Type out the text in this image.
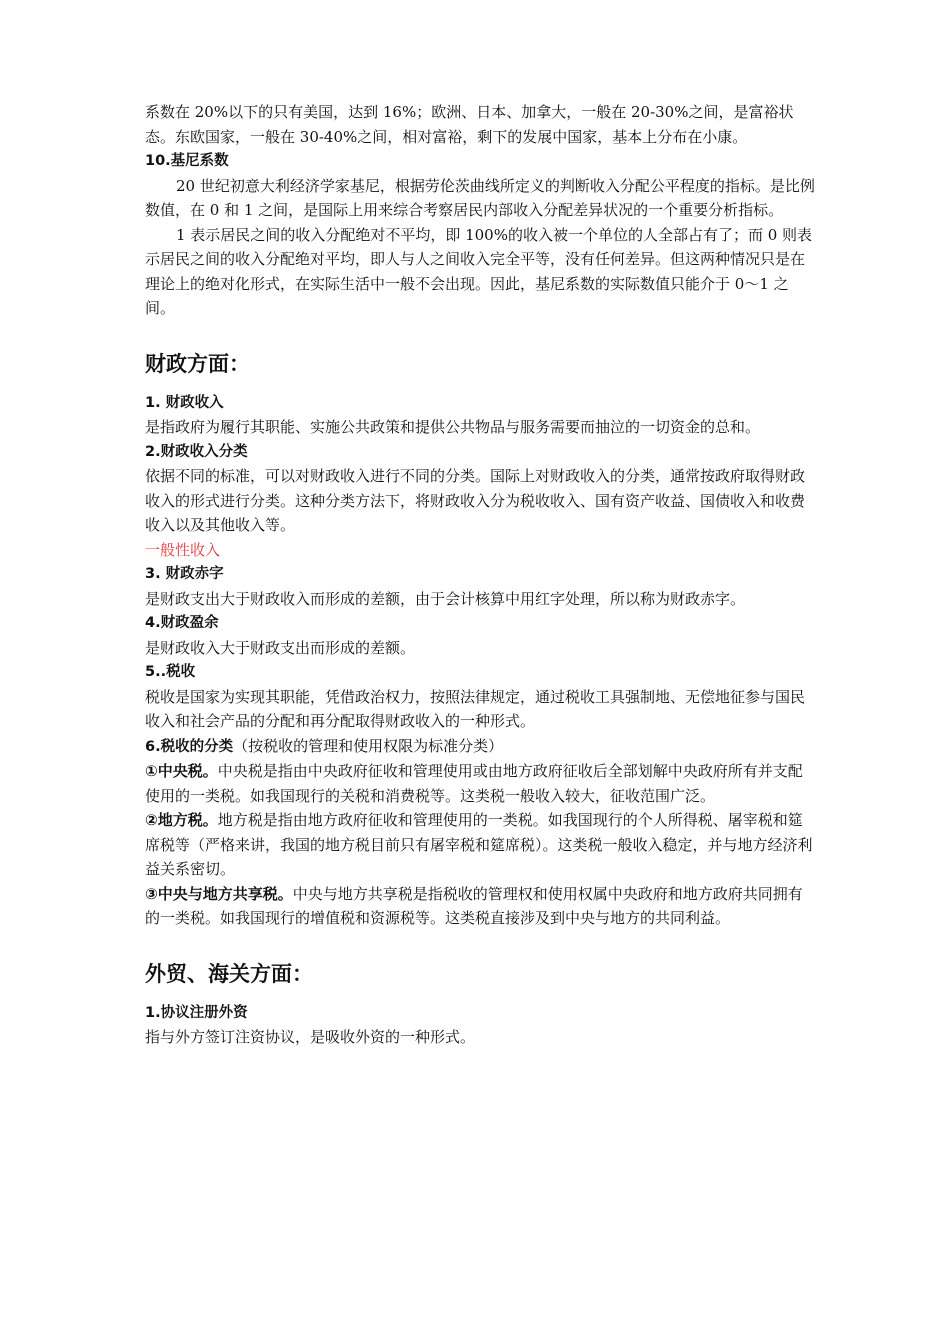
系数在 20%以下的只有美国，达到 16%；欧洲、日本、加拿大，一般在 20-30%之间，是富裕状态。东欧国家，一般在 30-40%之间，相对富裕，剩下的发展中国家，基本上分布在小康。

10.基尼系数

20 世纪初意大利经济学家基尼，根据劳伦茨曲线所定义的判断收入分配公平程度的指标。是比例数值，在 0 和 1 之间，是国际上用来综合考察居民内部收入分配差异状况的一个重要分析指标。

1 表示居民之间的收入分配绝对不平均，即 100%的收入被一个单位的人全部占有了；而 0 则表示居民之间的收入分配绝对平均，即人与人之间收入完全平等，没有任何差异。但这两种情况只是在理论上的绝对化形式，在实际生活中一般不会出现。因此，基尼系数的实际数值只能介于 0～1 之间。

财政方面：

1. 财政收入

是指政府为履行其职能、实施公共政策和提供公共物品与服务需要而抽泣的一切资金的总和。

2.财政收入分类

依据不同的标准，可以对财政收入进行不同的分类。国际上对财政收入的分类，通常按政府取得财政收入的形式进行分类。这种分类方法下，将财政收入分为税收收入、国有资产收益、国债收入和收费收入以及其他收入等。

一般性收入

3. 财政赤字

是财政支出大于财政收入而形成的差额，由于会计核算中用红字处理，所以称为财政赤字。

4.财政盈余

是财政收入大于财政支出而形成的差额。

5..税收

税收是国家为实现其职能，凭借政治权力，按照法律规定，通过税收工具强制地、无偿地征参与国民收入和社会产品的分配和再分配取得财政收入的一种形式。

6.税收的分类（按税收的管理和使用权限为标准分类）

①中央税。中央税是指由中央政府征收和管理使用或由地方政府征收后全部划解中央政府所有并支配使用的一类税。如我国现行的关税和消费税等。这类税一般收入较大，征收范围广泛。

②地方税。地方税是指由地方政府征收和管理使用的一类税。如我国现行的个人所得税、屠宰税和筵席税等（严格来讲，我国的地方税目前只有屠宰税和筵席税）。这类税一般收入稳定，并与地方经济利益关系密切。

③中央与地方共享税。中央与地方共享税是指税收的管理权和使用权属中央政府和地方政府共同拥有的一类税。如我国现行的增值税和资源税等。这类税直接涉及到中央与地方的共同利益。

外贸、海关方面：

1.协议注册外资

指与外方签订注资协议，是吸收外资的一种形式。
